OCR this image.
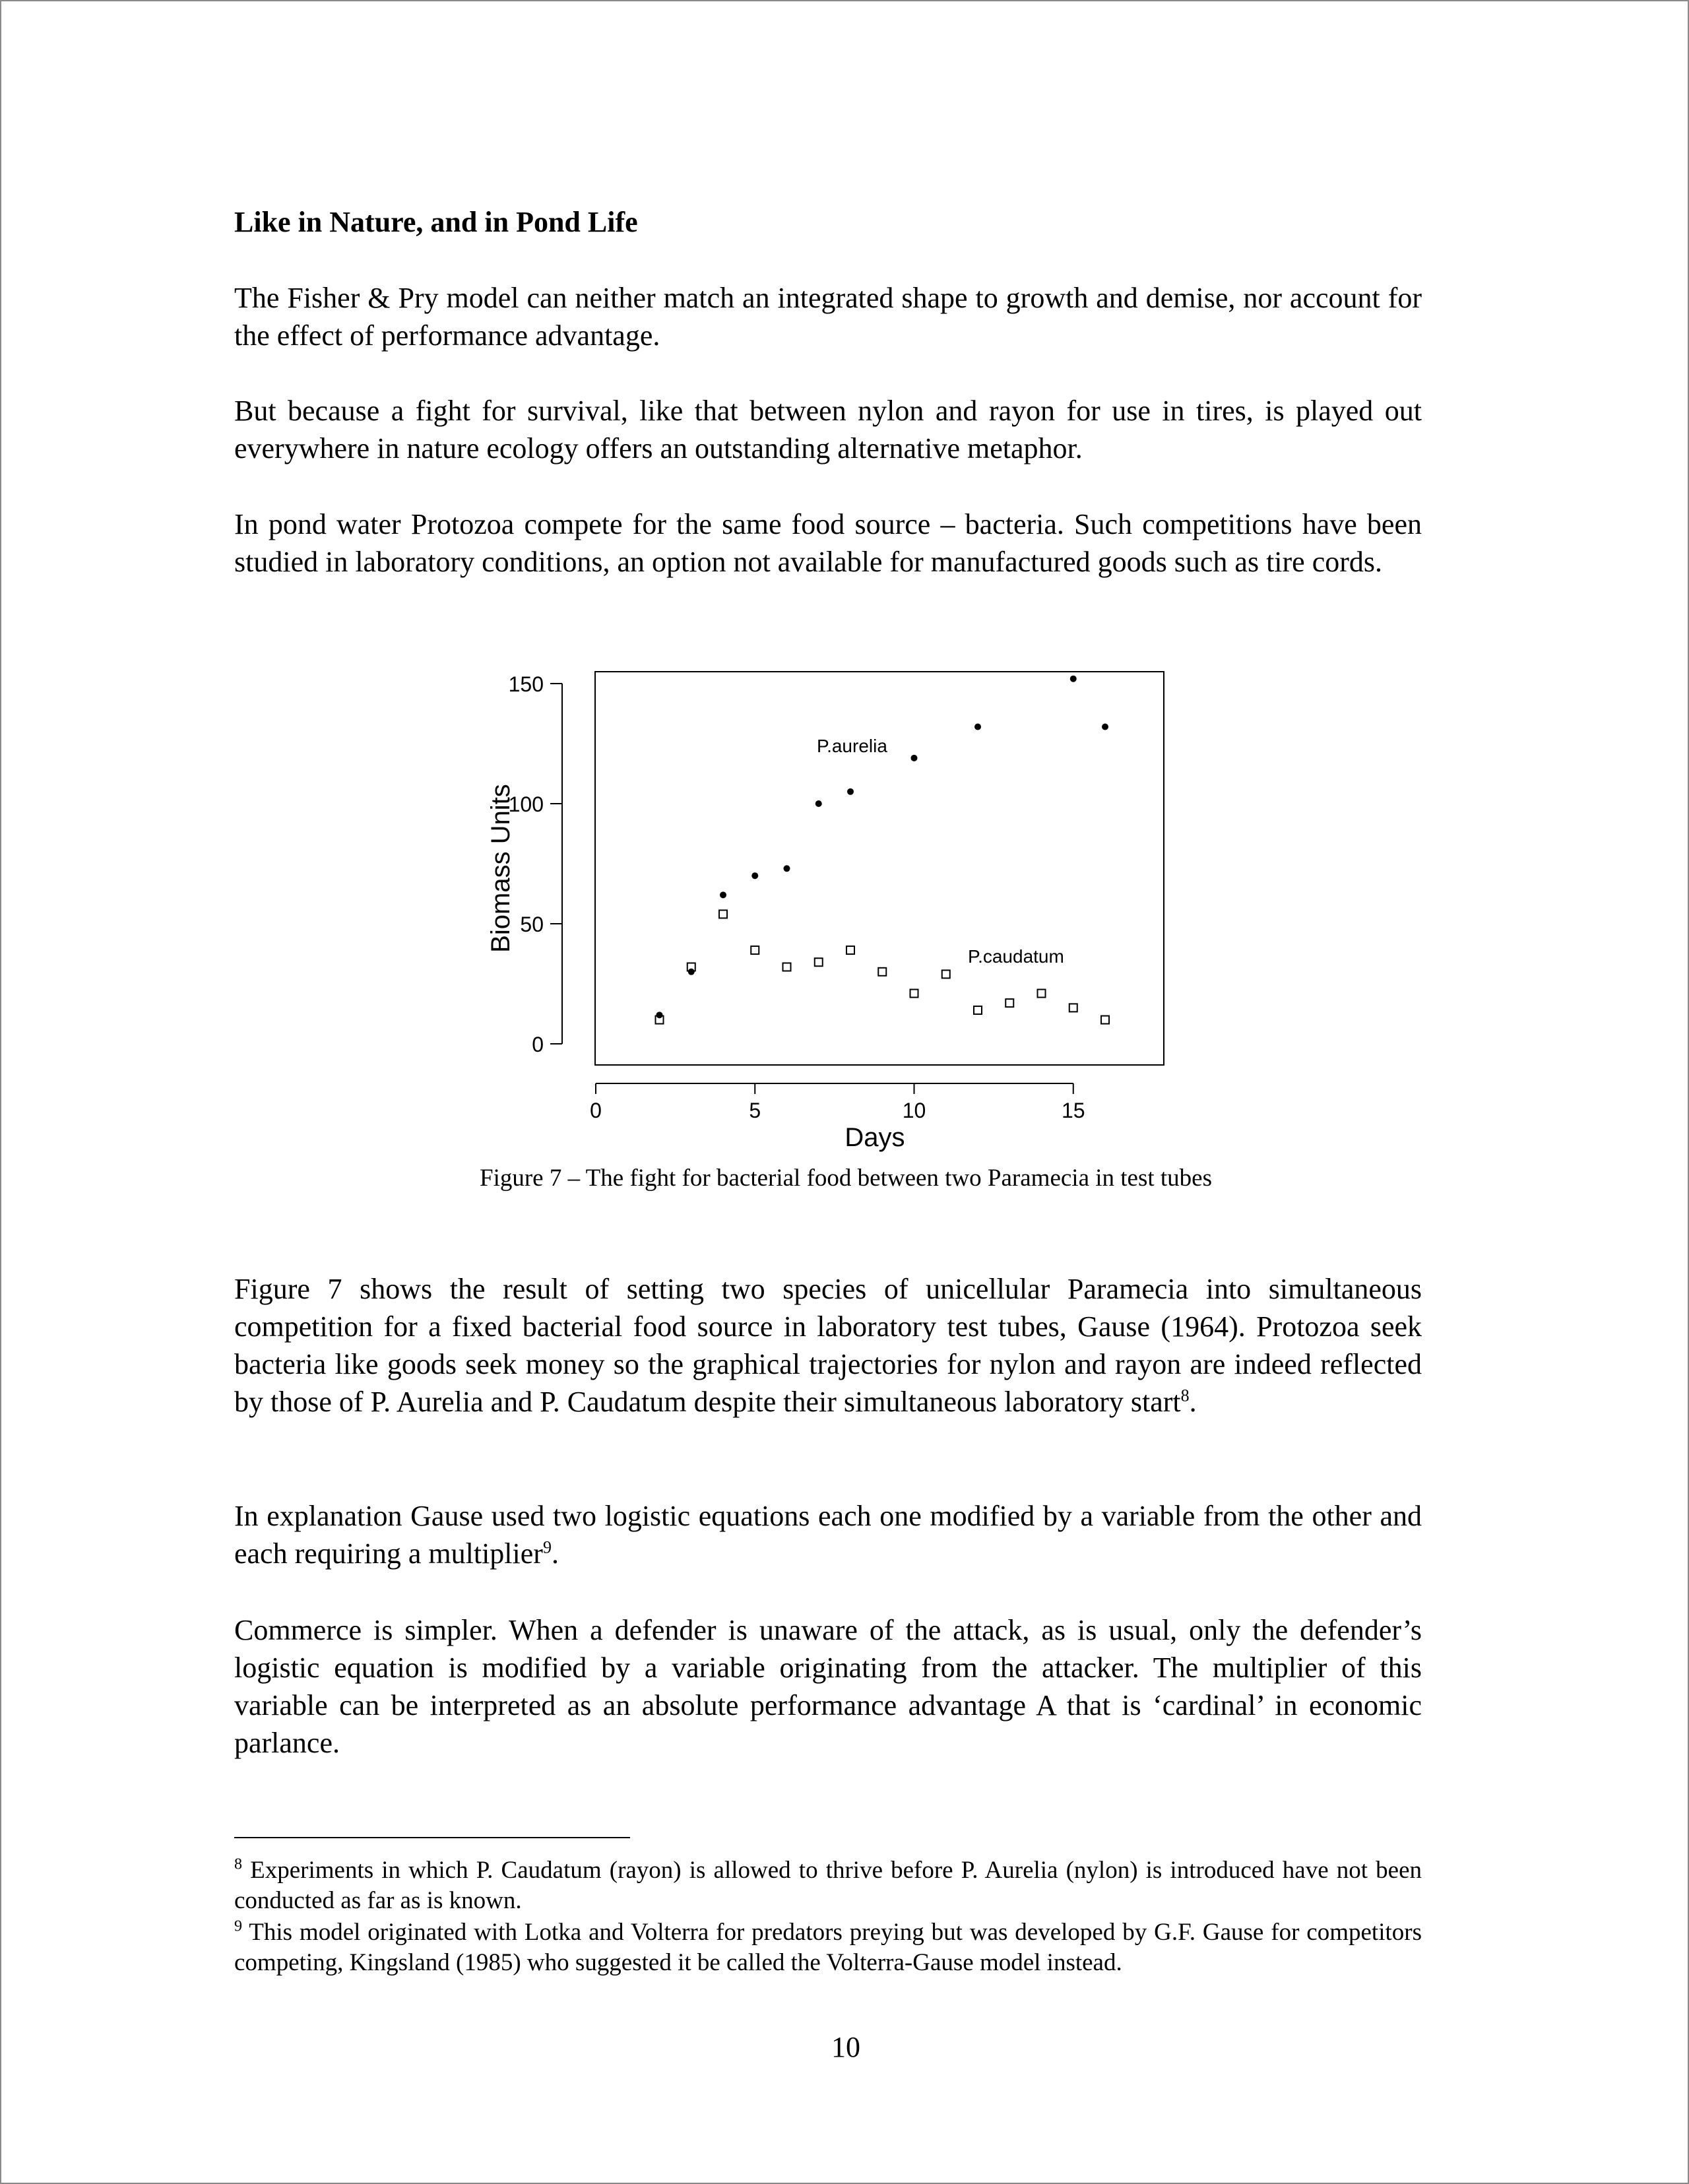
Like in Nature, and in Pond Life
The Fisher & Pry model can neither match an integrated shape to growth and demise, nor account for the effect of performance advantage.
But because a fight for survival, like that between nylon and rayon for use in tires, is played out everywhere in nature ecology offers an outstanding alternative metaphor.
In pond water Protozoa compete for the same food source – bacteria. Such competitions have been studied in laboratory conditions, an option not available for manufactured goods such as tire cords.
0
50
100
150
0	5	10	15
Biomass Units
Days
P.aurelia
P.caudatum
Figure 7 – The fight for bacterial food between two Paramecia in test tubes
Figure 7 shows the result of setting two species of unicellular Paramecia into simultaneous competition for a fixed bacterial food source in laboratory test tubes, Gause (1964). Protozoa seek bacteria like goods seek money so the graphical trajectories for nylon and rayon are indeed reflected by those of P. Aurelia and P. Caudatum despite their simultaneous laboratory start$^8$.
In explanation Gause used two logistic equations each one modified by a variable from the other and each requiring a multiplier$^9$.
Commerce is simpler. When a defender is unaware of the attack, as is usual, only the defender’s logistic equation is modified by a variable originating from the attacker. The multiplier of this variable can be interpreted as an absolute performance advantage A that is ‘cardinal’ in economic parlance.
$^8$ Experiments in which P. Caudatum (rayon) is allowed to thrive before P. Aurelia (nylon) is introduced have not been conducted as far as is known.
$^9$ This model originated with Lotka and Volterra for predators preying but was developed by G.F. Gause for competitors competing, Kingsland (1985) who suggested it be called the Volterra-Gause model instead.
10
